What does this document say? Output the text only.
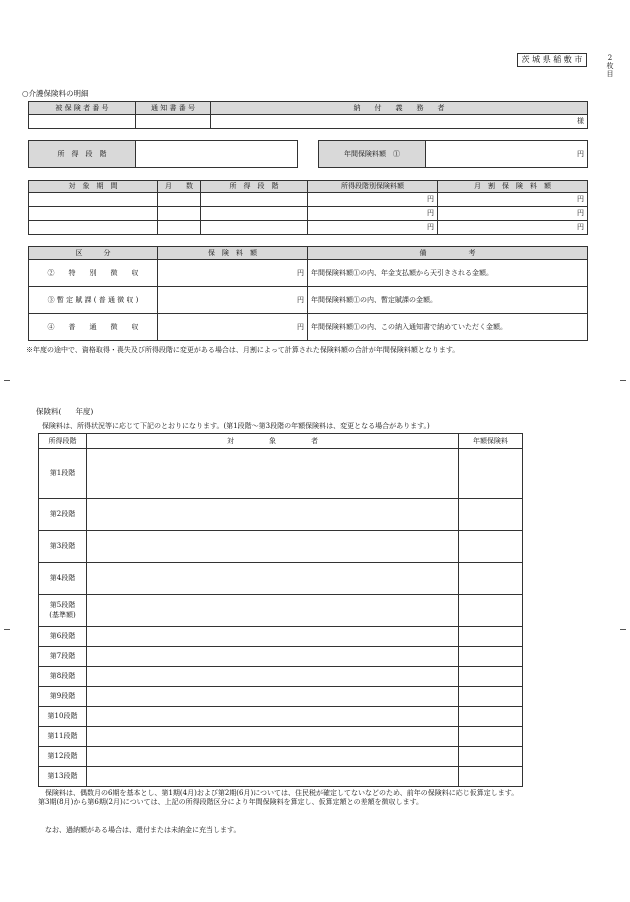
茨 城 県 稲 敷 市	2
枚
目
○介護保険料の明細
被 保 険 者 番 号	通 知 書 番 号	納　　付　　義　　務　　者
		様
所　得　段　階		年間保険料額　①	円
対　象　期　間	月　　数	所　得　段　階	所得段階別保険料額	月　割　保　険　料　額
			円	円
			円	円
			円	円
区　　　分	保　険　料　額	備　　　　　　考
②　　特　　別　　徴　　収	円	年間保険料額①の内、年金支払額から天引きされる金額。
③ 暫 定 賦 課 ( 普 通 徴 収 )	円	年間保険料額①の内、暫定賦課の金額。
④　　普　　通　　徴　　収	円	年間保険料額①の内、この納入通知書で納めていただく金額。
※年度の途中で、資格取得・喪失及び所得段階に変更がある場合は、月割によって計算された保険料額の合計が年間保険料額となります。
保険料( 年度)
保険料は、所得状況等に応じて下記のとおりになります。(第1段階～第3段階の年額保険料は、変更となる場合があります。)
所得段階	対　　　　　象　　　　　者	年額保険料
第1段階		
第2段階		
第3段階		
第4段階		
第5段階
(基準額)		
第6段階		
第7段階		
第8段階		
第9段階		
第10段階		
第11段階		
第12段階		
第13段階		
保険料は、偶数月の6期を基本とし、第1期(4月)および第2期(6月)については、住民税が確定してないなどのため、前年の保険料に応じ仮算定します。第3期(8月)から第6期(2月)については、上記の所得段階区分により年間保険料を算定し、仮算定額との差額を徴収します。
なお、過納額がある場合は、還付または未納金に充当します。
